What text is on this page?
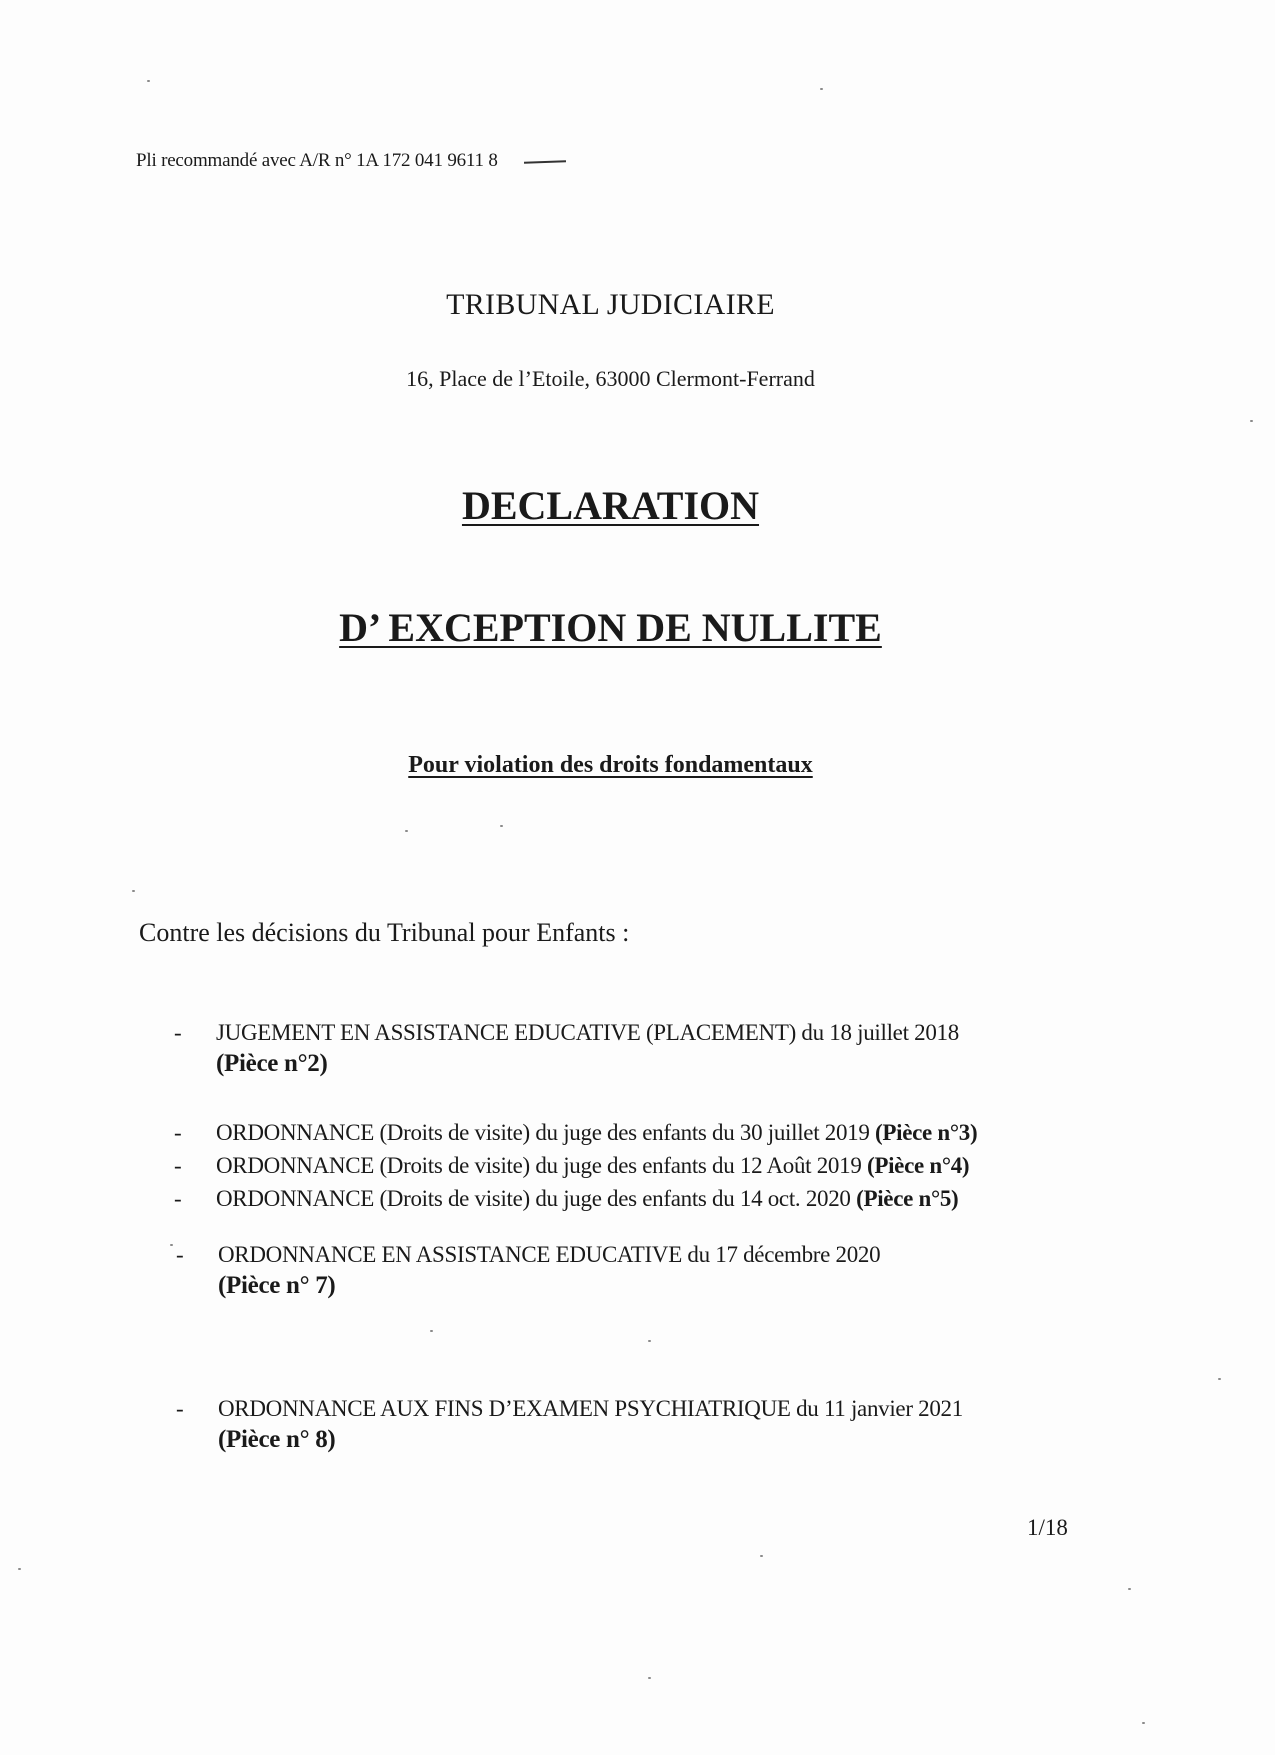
Pli recommandé avec A/R n° 1A 172 041 9611 8
TRIBUNAL JUDICIAIRE
16, Place de l’Etoile, 63000 Clermont-Ferrand
DECLARATION
D’ EXCEPTION DE NULLITE
Pour violation des droits fondamentaux
Contre les décisions du Tribunal pour Enfants :
- JUGEMENT EN ASSISTANCE EDUCATIVE (PLACEMENT) du 18 juillet 2018
(Pièce n°2)
- ORDONNANCE (Droits de visite) du juge des enfants du 30 juillet 2019 (Pièce n°3)
- ORDONNANCE (Droits de visite) du juge des enfants du 12 Août 2019 (Pièce n°4)
- ORDONNANCE (Droits de visite) du juge des enfants du 14 oct. 2020 (Pièce n°5)
- ORDONNANCE EN ASSISTANCE EDUCATIVE du 17 décembre 2020
(Pièce n° 7)
- ORDONNANCE AUX FINS D’EXAMEN PSYCHIATRIQUE du 11 janvier 2021
(Pièce n° 8)
1/18
